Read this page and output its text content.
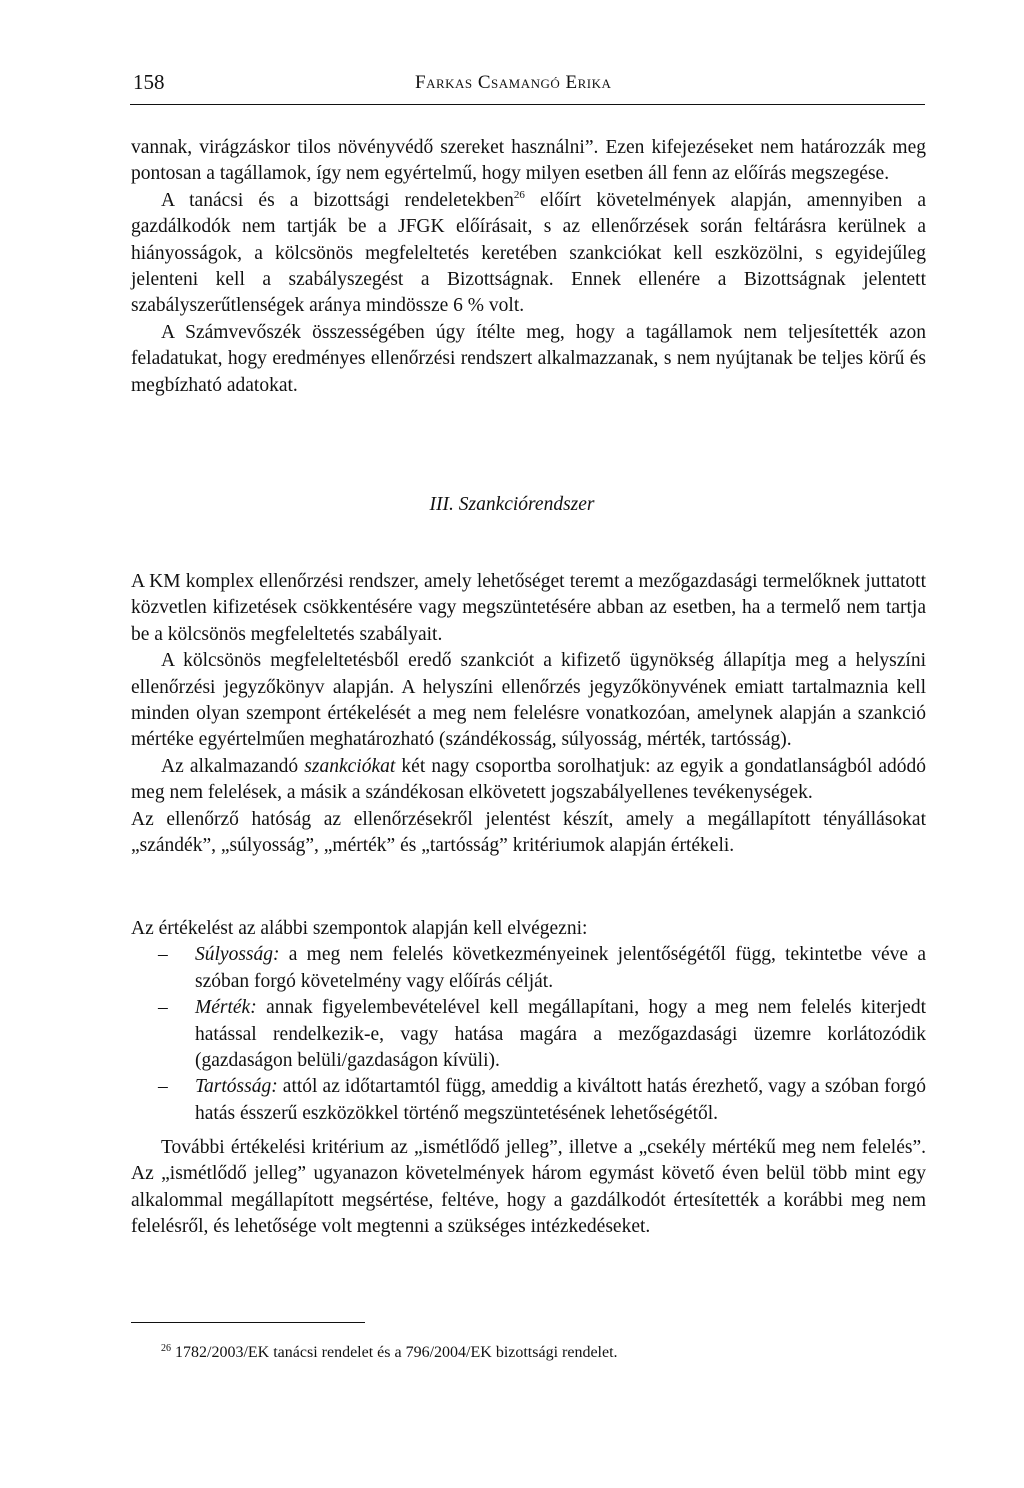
158	Farkas Csamangó Erika

vannak, virágzáskor tilos növényvédő szereket használni”. Ezen kifejezéseket nem határozzák meg pontosan a tagállamok, így nem egyértelmű, hogy milyen esetben áll fenn az előírás megszegése.

A tanácsi és a bizottsági rendeletekben$^{26}$ előírt követelmények alapján, amennyiben a gazdálkodók nem tartják be a JFGK előírásait, s az ellenőrzések során feltárásra kerülnek a hiányosságok, a kölcsönös megfeleltetés keretében szankciókat kell eszközölni, s egyidejűleg jelenteni kell a szabályszegést a Bizottságnak. Ennek ellenére a Bizottságnak jelentett szabályszerűtlenségek aránya mindössze 6 % volt.

A Számvevőszék összességében úgy ítélte meg, hogy a tagállamok nem teljesítették azon feladatukat, hogy eredményes ellenőrzési rendszert alkalmazzanak, s nem nyújtanak be teljes körű és megbízható adatokat.

III. Szankciórendszer

A KM komplex ellenőrzési rendszer, amely lehetőséget teremt a mezőgazdasági termelőknek juttatott közvetlen kifizetések csökkentésére vagy megszüntetésére abban az esetben, ha a termelő nem tartja be a kölcsönös megfeleltetés szabályait.

A kölcsönös megfeleltetésből eredő szankciót a kifizető ügynökség állapítja meg a helyszíni ellenőrzési jegyzőkönyv alapján. A helyszíni ellenőrzés jegyzőkönyvének emiatt tartalmaznia kell minden olyan szempont értékelését a meg nem felelésre vonatkozóan, amelynek alapján a szankció mértéke egyértelműen meghatározható (szándékosság, súlyosság, mérték, tartósság).

Az alkalmazandó szankciókat két nagy csoportba sorolhatjuk: az egyik a gondatlanságból adódó meg nem felelések, a másik a szándékosan elkövetett jogszabályellenes tevékenységek.

Az ellenőrző hatóság az ellenőrzésekről jelentést készít, amely a megállapított tényállásokat „szándék”, „súlyosság”, „mérték” és „tartósság” kritériumok alapján értékeli.

Az értékelést az alábbi szempontok alapján kell elvégezni:

– Súlyosság: a meg nem felelés következményeinek jelentőségétől függ, tekintetbe véve a szóban forgó követelmény vagy előírás célját.
– Mérték: annak figyelembevételével kell megállapítani, hogy a meg nem felelés kiterjedt hatással rendelkezik-e, vagy hatása magára a mezőgazdasági üzemre korlátozódik (gazdaságon belüli/gazdaságon kívüli).
– Tartósság: attól az időtartamtól függ, ameddig a kiváltott hatás érezhető, vagy a szóban forgó hatás ésszerű eszközökkel történő megszüntetésének lehetőségétől.

További értékelési kritérium az „ismétlődő jelleg”, illetve a „csekély mértékű meg nem felelés”. Az „ismétlődő jelleg” ugyanazon követelmények három egymást követő éven belül több mint egy alkalommal megállapított megsértése, feltéve, hogy a gazdálkodót értesítették a korábbi meg nem felelésről, és lehetősége volt megtenni a szükséges intézkedéseket.

$^{26}$ 1782/2003/EK tanácsi rendelet és a 796/2004/EK bizottsági rendelet.
